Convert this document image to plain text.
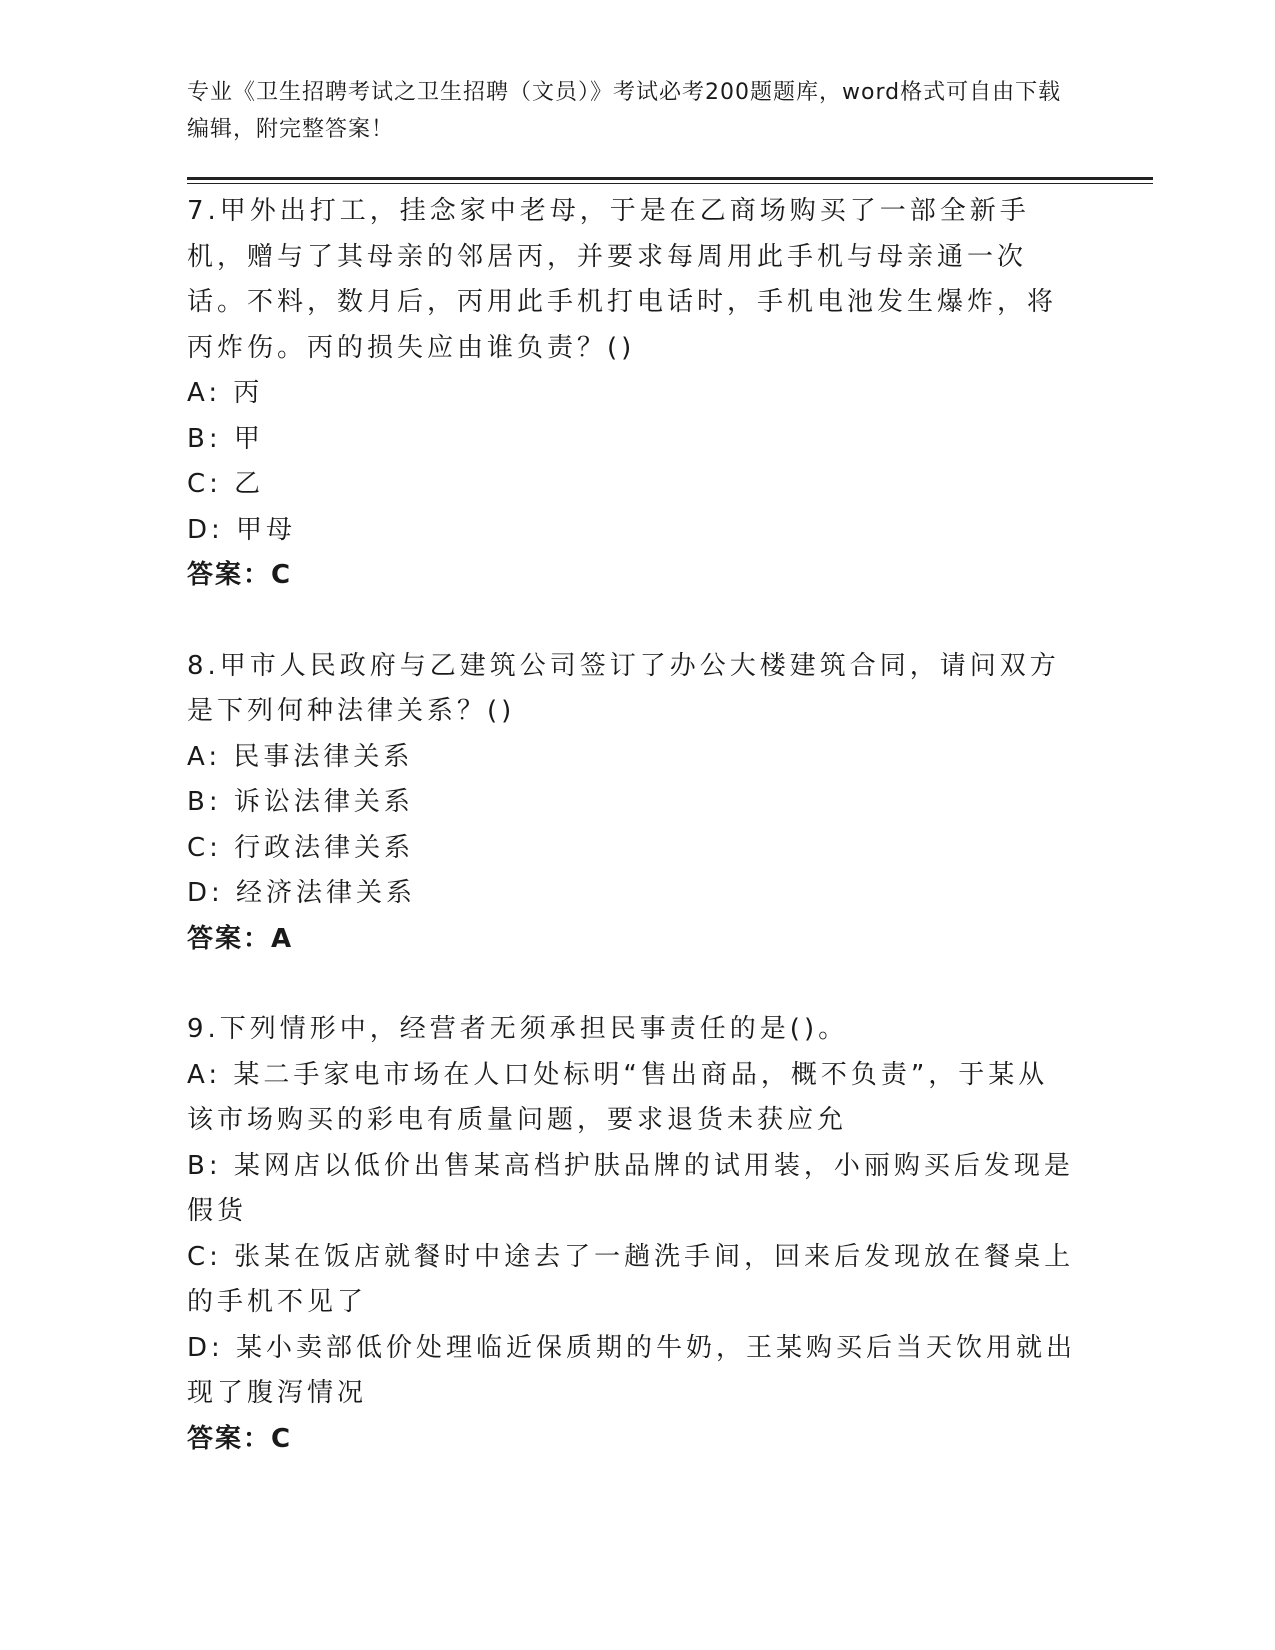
专业《卫生招聘考试之卫生招聘（文员）》考试必考200题题库，word格式可自由下载编辑，附完整答案！

7.甲外出打工，挂念家中老母，于是在乙商场购买了一部全新手机，赠与了其母亲的邻居丙，并要求每周用此手机与母亲通一次话。不料，数月后，丙用此手机打电话时，手机电池发生爆炸，将丙炸伤。丙的损失应由谁负责？()

A: 丙

B: 甲

C: 乙

D: 甲母

答案：C

8.甲市人民政府与乙建筑公司签订了办公大楼建筑合同，请问双方是下列何种法律关系？()

A: 民事法律关系

B: 诉讼法律关系

C: 行政法律关系

D: 经济法律关系

答案：A

9.下列情形中，经营者无须承担民事责任的是()。

A: 某二手家电市场在人口处标明“售出商品，概不负责”，于某从该市场购买的彩电有质量问题，要求退货未获应允

B: 某网店以低价出售某高档护肤品牌的试用装，小丽购买后发现是假货

C: 张某在饭店就餐时中途去了一趟洗手间，回来后发现放在餐桌上的手机不见了

D: 某小卖部低价处理临近保质期的牛奶，王某购买后当天饮用就出现了腹泻情况

答案：C
